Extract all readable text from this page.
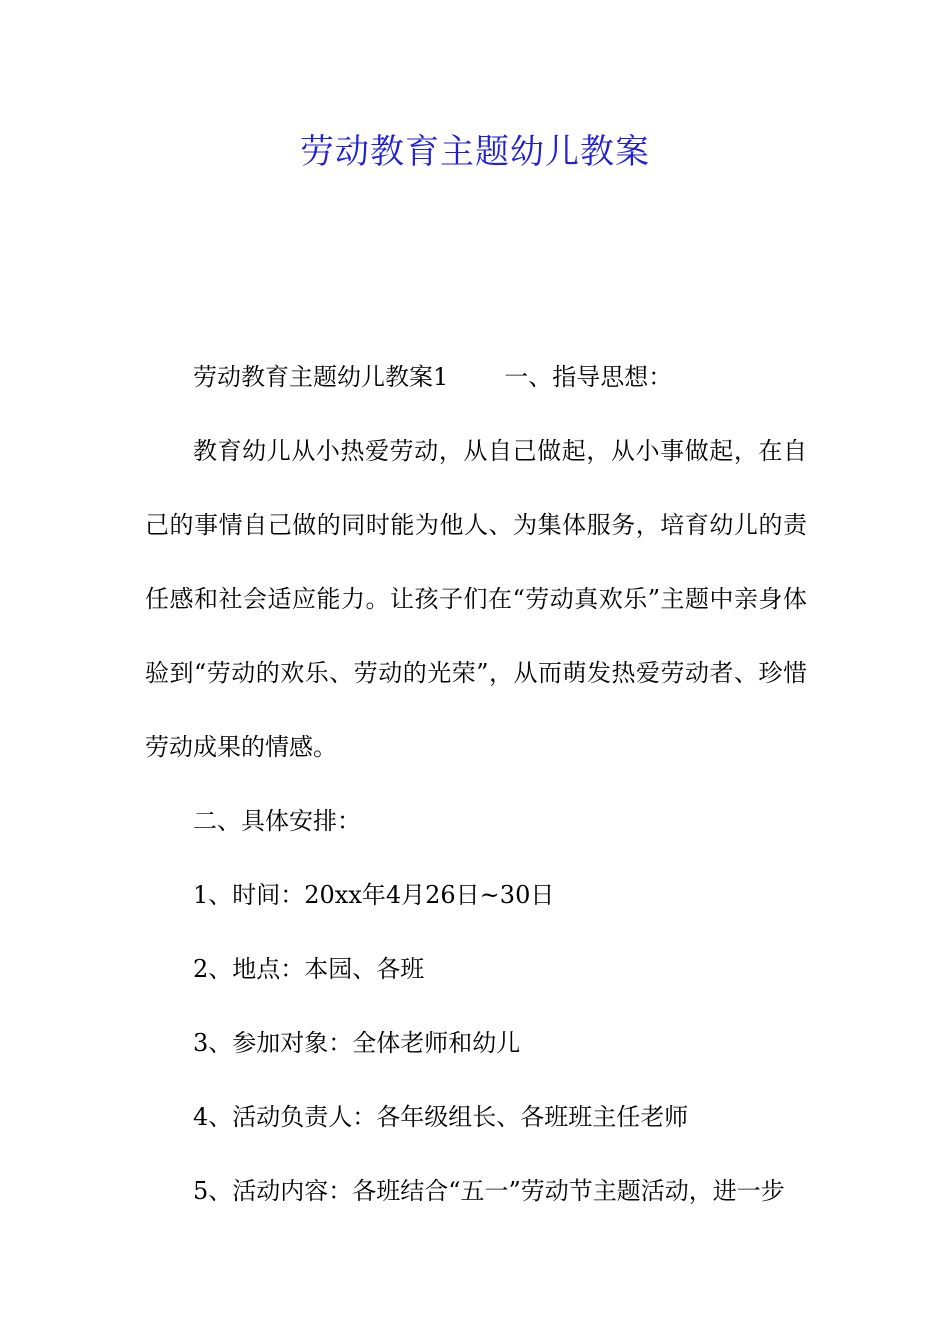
劳动教育主题幼儿教案

劳动教育主题幼儿教案1 一、指导思想：

教育幼儿从小热爱劳动，从自己做起，从小事做起，在自己的事情自己做的同时能为他人、为集体服务，培育幼儿的责任感和社会适应能力。让孩子们在“劳动真欢乐”主题中亲身体验到“劳动的欢乐、劳动的光荣”，从而萌发热爱劳动者、珍惜劳动成果的情感。

二、具体安排：

1、时间：20xx年4月26日~30日

2、地点：本园、各班

3、参加对象：全体老师和幼儿

4、活动负责人：各年级组长、各班班主任老师

5、活动内容：各班结合“五一”劳动节主题活动，进一步
